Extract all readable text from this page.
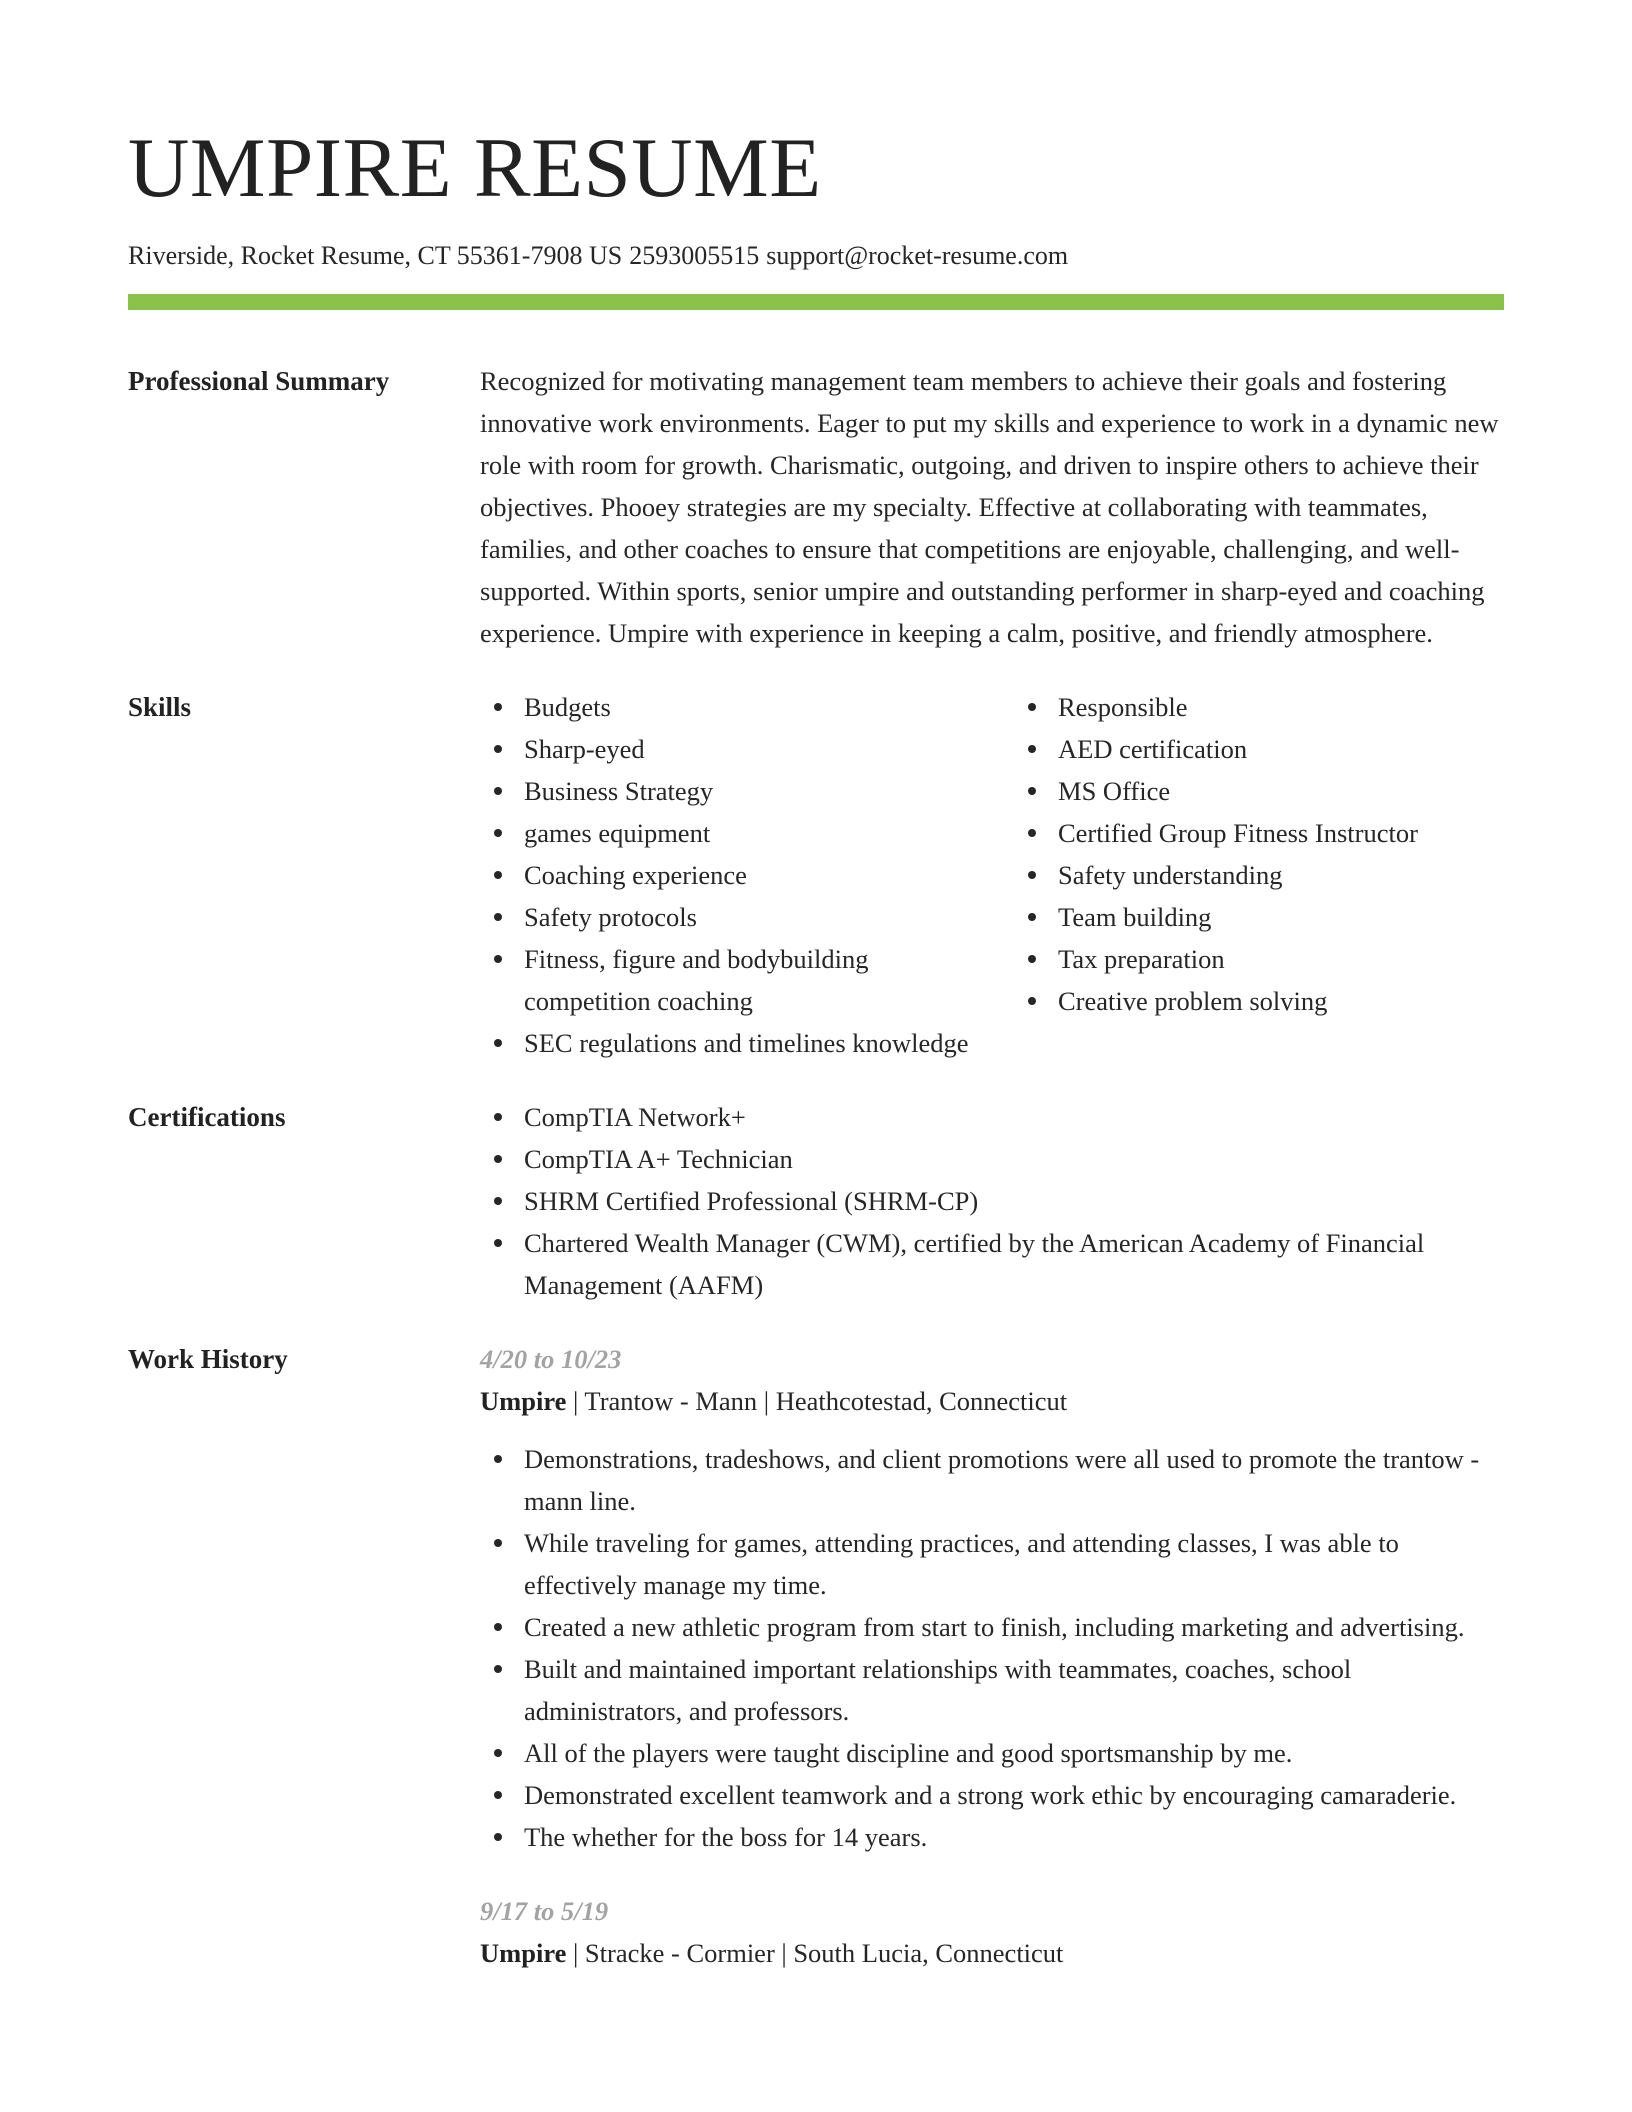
UMPIRE RESUME
Riverside, Rocket Resume, CT 55361-7908 US 2593005515 support@rocket-resume.com
Professional Summary	Recognized for motivating management team members to achieve their goals and fostering innovative work environments. Eager to put my skills and experience to work in a dynamic new role with room for growth. Charismatic, outgoing, and driven to inspire others to achieve their objectives. Phooey strategies are my specialty. Effective at collaborating with teammates, families, and other coaches to ensure that competitions are enjoyable, challenging, and well-supported. Within sports, senior umpire and outstanding performer in sharp-eyed and coaching experience. Umpire with experience in keeping a calm, positive, and friendly atmosphere.

Skills	Budgets
Sharp-eyed
Business Strategy
games equipment
Coaching experience
Safety protocols
Fitness, figure and bodybuilding competition coaching
SEC regulations and timelines knowledge
Responsible
AED certification
MS Office
Certified Group Fitness Instructor
Safety understanding
Team building
Tax preparation
Creative problem solving
Certifications	CompTIA Network+
CompTIA A+ Technician
SHRM Certified Professional (SHRM-CP)
Chartered Wealth Manager (CWM), certified by the American Academy of Financial Management (AAFM)
Work History	4/20 to 10/23
Umpire | Trantow - Mann | Heathcotestad, Connecticut
Demonstrations, tradeshows, and client promotions were all used to promote the trantow - mann line.
While traveling for games, attending practices, and attending classes, I was able to effectively manage my time.
Created a new athletic program from start to finish, including marketing and advertising.
Built and maintained important relationships with teammates, coaches, school administrators, and professors.
All of the players were taught discipline and good sportsmanship by me.
Demonstrated excellent teamwork and a strong work ethic by encouraging camaraderie.
The whether for the boss for 14 years.
9/17 to 5/19
Umpire | Stracke - Cormier | South Lucia, Connecticut
